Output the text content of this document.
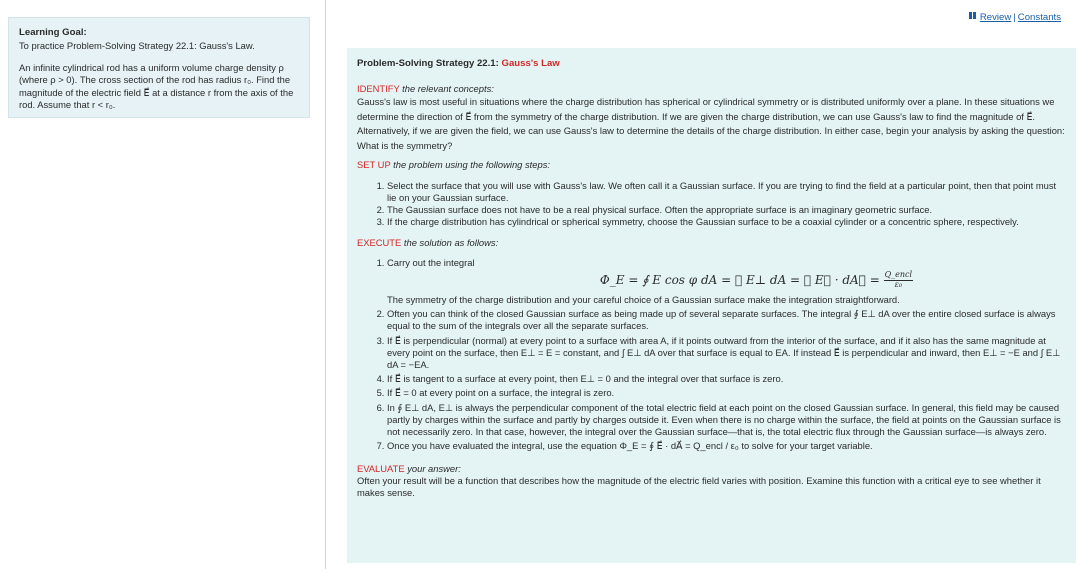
Learning Goal:
To practice Problem-Solving Strategy 22.1: Gauss's Law.
An infinite cylindrical rod has a uniform volume charge density ρ (where ρ > 0). The cross section of the rod has radius r₀. Find the magnitude of the electric field E⃗ at a distance r from the axis of the rod. Assume that r < r₀.
Review | Constants
Problem-Solving Strategy 22.1: Gauss's Law
IDENTIFY the relevant concepts:

Gauss's law is most useful in situations where the charge distribution has spherical or cylindrical symmetry or is distributed uniformly over a plane. In these situations we determine the direction of E⃗ from the symmetry of the charge distribution. If we are given the charge distribution, we can use Gauss's law to find the magnitude of E⃗. Alternatively, if we are given the field, we can use Gauss's law to determine the details of the charge distribution. In either case, begin your analysis by asking the question: What is the symmetry?

SET UP the problem using the following steps:
1. Select the surface that you will use with Gauss's law. We often call it a Gaussian surface. If you are trying to find the field at a particular point, then that point must lie on your Gaussian surface.
2. The Gaussian surface does not have to be a real physical surface. Often the appropriate surface is an imaginary geometric surface.
3. If the charge distribution has cylindrical or spherical symmetry, choose the Gaussian surface to be a coaxial cylinder or a concentric sphere, respectively.
EXECUTE the solution as follows:
1. Carry out the integral
Φ_E = ∮ E cos φ dA = ∮ E⊥ dA = ∮ E⃗ · dA⃗ = $\frac{\text{Q\_encl}}{\text{ε₀}}$
The symmetry of the charge distribution and your careful choice of a Gaussian surface make the integration straightforward.
2. Often you can think of the closed Gaussian surface as being made up of several separate surfaces. The integral ∮ E⊥ dA over the entire closed surface is always equal to the sum of the integrals over all the separate surfaces.
3. If E⃗ is perpendicular (normal) at every point to a surface with area A, if it points outward from the interior of the surface, and if it also has the same magnitude at every point on the surface, then E⊥ = E = constant, and ∫ E⊥ dA over that surface is equal to EA. If instead E⃗ is perpendicular and inward, then E⊥ = −E and ∫ E⊥ dA = −EA.
4. If E⃗ is tangent to a surface at every point, then E⊥ = 0 and the integral over that surface is zero.
5. If E⃗ = 0 at every point on a surface, the integral is zero.
6. In ∮ E⊥ dA, E⊥ is always the perpendicular component of the total electric field at each point on the closed Gaussian surface. In general, this field may be caused partly by charges within the surface and partly by charges outside it. Even when there is no charge within the surface, the field at points on the Gaussian surface is not necessarily zero. In that case, however, the integral over the Gaussian surface—that is, the total electric flux through the Gaussian surface—is always zero.
7. Once you have evaluated the integral, use the equation Φ_E = ∮ E⃗ · dA⃗ = Q_encl / ε₀ to solve for your target variable.
EVALUATE your answer:

Often your result will be a function that describes how the magnitude of the electric field varies with position. Examine this function with a critical eye to see whether it makes sense.
